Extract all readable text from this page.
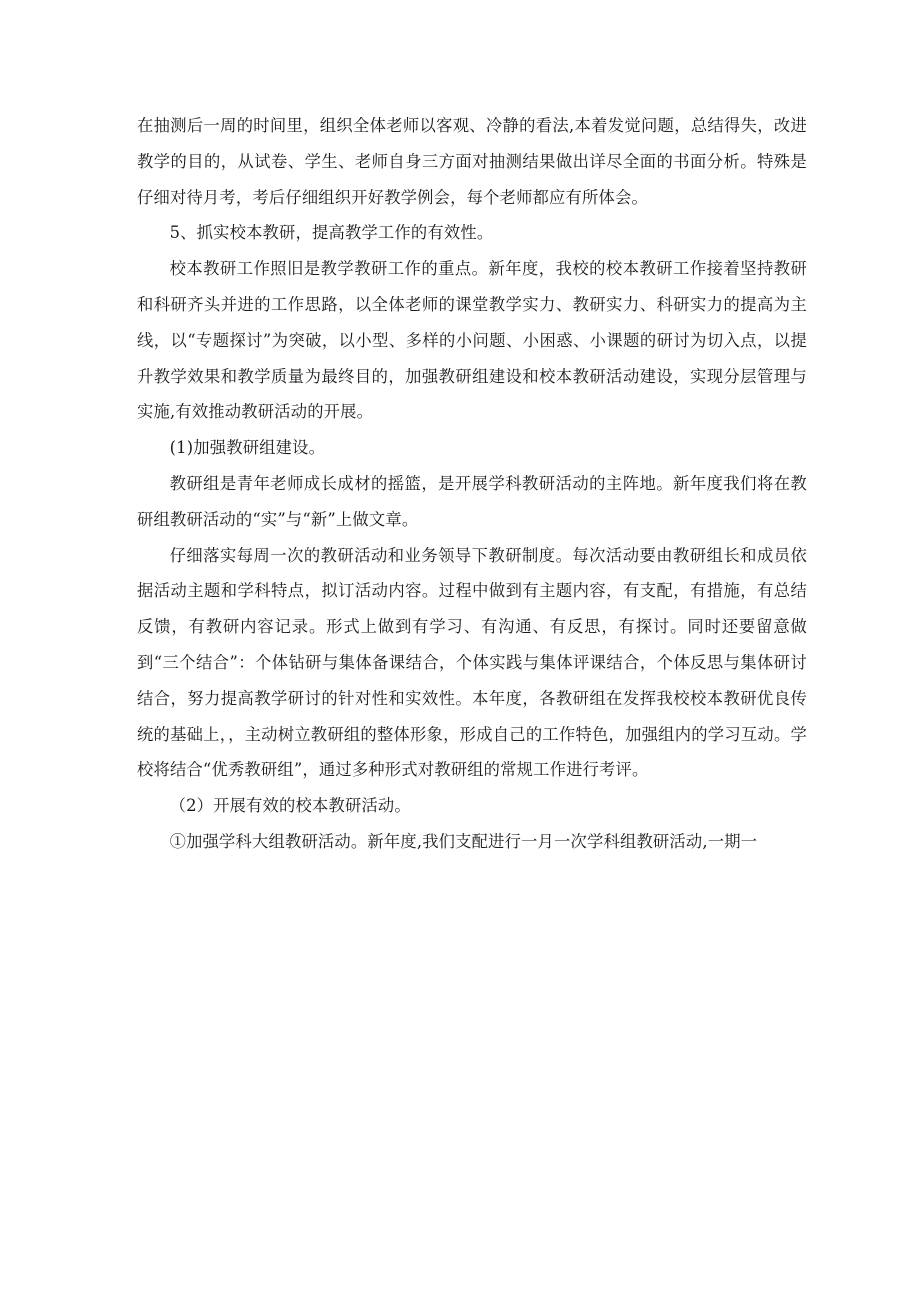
在抽测后一周的时间里，组织全体老师以客观、冷静的看法,本着发觉问题，总结得失，改进教学的目的，从试卷、学生、老师自身三方面对抽测结果做出详尽全面的书面分析。特殊是仔细对待月考，考后仔细组织开好教学例会，每个老师都应有所体会。

5、抓实校本教研，提高教学工作的有效性。

校本教研工作照旧是教学教研工作的重点。新年度，我校的校本教研工作接着坚持教研和科研齐头并进的工作思路，以全体老师的课堂教学实力、教研实力、科研实力的提高为主线，以“专题探讨”为突破，以小型、多样的小问题、小困惑、小课题的研讨为切入点，以提升教学效果和教学质量为最终目的，加强教研组建设和校本教研活动建设，实现分层管理与实施,有效推动教研活动的开展。

(1)加强教研组建设。

教研组是青年老师成长成材的摇篮，是开展学科教研活动的主阵地。新年度我们将在教研组教研活动的“实”与“新”上做文章。

仔细落实每周一次的教研活动和业务领导下教研制度。每次活动要由教研组长和成员依据活动主题和学科特点，拟订活动内容。过程中做到有主题内容，有支配，有措施，有总结反馈，有教研内容记录。形式上做到有学习、有沟通、有反思，有探讨。同时还要留意做到“三个结合”：个体钻研与集体备课结合，个体实践与集体评课结合，个体反思与集体研讨结合，努力提高教学研讨的针对性和实效性。本年度，各教研组在发挥我校校本教研优良传统的基础上，，主动树立教研组的整体形象，形成自己的工作特色，加强组内的学习互动。学校将结合“优秀教研组”，通过多种形式对教研组的常规工作进行考评。

（2）开展有效的校本教研活动。

①加强学科大组教研活动。新年度,我们支配进行一月一次学科组教研活动,一期一
